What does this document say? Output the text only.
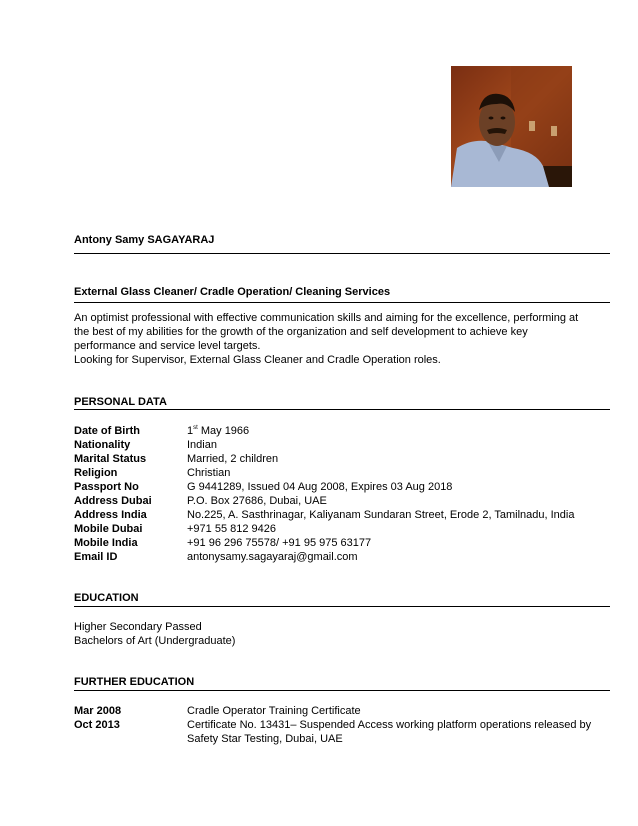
Antony Samy SAGAYARAJ
External Glass Cleaner/ Cradle Operation/ Cleaning Services
An optimist professional with effective communication skills and aiming for the excellence, performing at
the best of my abilities for the growth of the organization and self development to achieve key
performance and service level targets.
Looking for Supervisor, External Glass Cleaner and Cradle Operation roles.
PERSONAL DATA
Date of Birth	1st May 1966
Nationality	Indian
Marital Status	Married, 2 children
Religion	Christian
Passport No	G 9441289, Issued 04 Aug 2008, Expires 03 Aug 2018
Address Dubai	P.O. Box 27686, Dubai, UAE
Address India	No.225, A. Sasthrinagar, Kaliyanam Sundaran Street, Erode 2, Tamilnadu, India
Mobile Dubai	+971 55 812 9426
Mobile India	+91 96 296 75578/ +91 95 975 63177
Email ID	antonysamy.sagayaraj@gmail.com
EDUCATION
Higher Secondary Passed
Bachelors of Art (Undergraduate)
FURTHER EDUCATION
Mar 2008	Cradle Operator Training Certificate
Oct 2013	Certificate No. 13431– Suspended Access working platform operations released by
Safety Star Testing, Dubai, UAE
